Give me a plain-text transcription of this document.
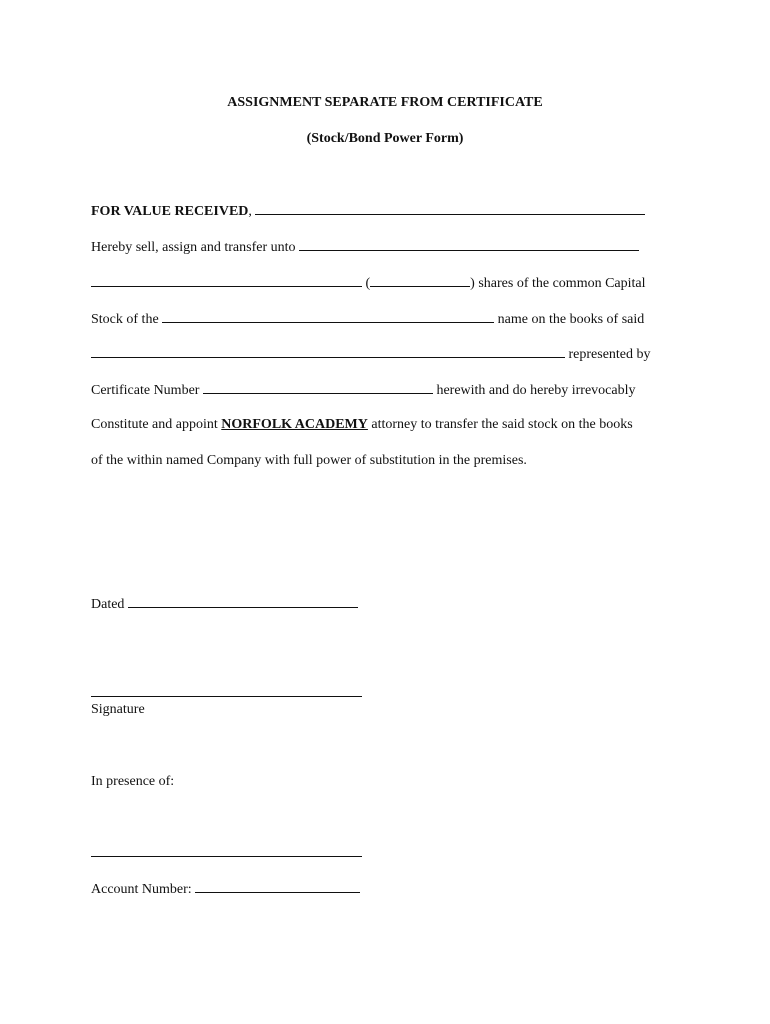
ASSIGNMENT SEPARATE FROM CERTIFICATE
(Stock/Bond Power Form)
FOR VALUE RECEIVED,
Hereby sell, assign and transfer unto
(	) shares of the common Capital
Stock of the	name on the books of said
represented by
Certificate Number	herewith and do hereby irrevocably
Constitute and appoint NORFOLK ACADEMY attorney to transfer the said stock on the books
of the within named Company with full power of substitution in the premises.
Dated
Signature
In presence of:
Account Number:
